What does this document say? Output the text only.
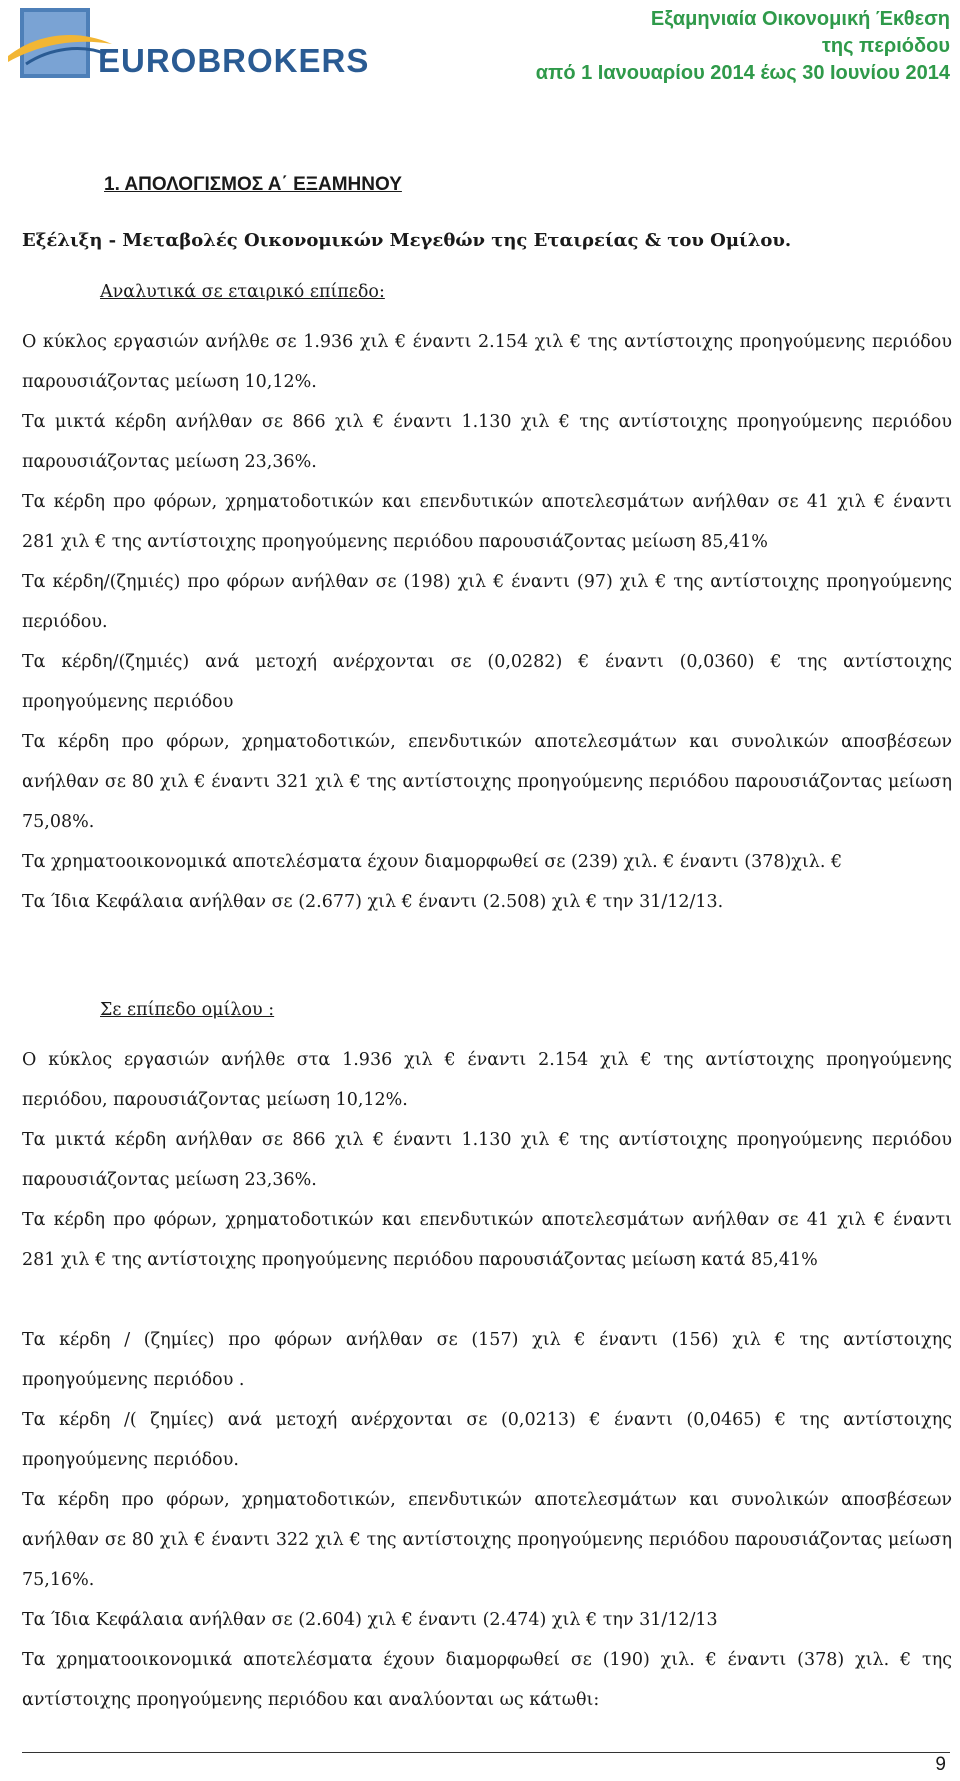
EUROBROKERS
Εξαμηνιαία Οικονομική Έκθεση
της περιόδου
από 1 Ιανουαρίου 2014 έως 30 Ιουνίου 2014
1. ΑΠΟΛΟΓΙΣΜΟΣ Α΄ ΕΞΑΜΗΝΟΥ
Εξέλιξη - Μεταβολές Οικονομικών Μεγεθών της Εταιρείας & του Ομίλου.
Αναλυτικά σε εταιρικό επίπεδο:

Ο κύκλος εργασιών ανήλθε σε 1.936 χιλ € έναντι 2.154 χιλ € της αντίστοιχης προηγούμενης περιόδου παρουσιάζοντας μείωση 10,12%.

Τα μικτά κέρδη ανήλθαν σε 866 χιλ € έναντι 1.130 χιλ € της αντίστοιχης προηγούμενης περιόδου παρουσιάζοντας μείωση 23,36%.

Τα κέρδη προ φόρων, χρηματοδοτικών και επενδυτικών αποτελεσμάτων ανήλθαν σε 41 χιλ € έναντι 281 χιλ € της αντίστοιχης προηγούμενης περιόδου παρουσιάζοντας μείωση 85,41%

Τα κέρδη/(ζημιές) προ φόρων ανήλθαν σε (198) χιλ € έναντι (97) χιλ € της αντίστοιχης προηγούμενης περιόδου.

Τα κέρδη/(ζημιές) ανά μετοχή ανέρχονται σε (0,0282) € έναντι (0,0360) € της αντίστοιχης προηγούμενης περιόδου

Τα κέρδη προ φόρων, χρηματοδοτικών, επενδυτικών αποτελεσμάτων και συνολικών αποσβέσεων ανήλθαν σε 80 χιλ € έναντι 321 χιλ € της αντίστοιχης προηγούμενης περιόδου παρουσιάζοντας μείωση 75,08%.

Τα χρηματοοικονομικά αποτελέσματα έχουν διαμορφωθεί σε (239) χιλ. € έναντι (378)χιλ. €

Τα Ίδια Κεφάλαια ανήλθαν σε (2.677) χιλ € έναντι (2.508) χιλ € την 31/12/13.

Σε επίπεδο ομίλου :

Ο κύκλος εργασιών ανήλθε στα 1.936 χιλ € έναντι 2.154 χιλ € της αντίστοιχης προηγούμενης περιόδου, παρουσιάζοντας μείωση 10,12%.

Τα μικτά κέρδη ανήλθαν σε 866 χιλ € έναντι 1.130 χιλ € της αντίστοιχης προηγούμενης περιόδου παρουσιάζοντας μείωση 23,36%.

Τα κέρδη προ φόρων, χρηματοδοτικών και επενδυτικών αποτελεσμάτων ανήλθαν σε 41 χιλ € έναντι 281 χιλ € της αντίστοιχης προηγούμενης περιόδου παρουσιάζοντας μείωση κατά 85,41%

Τα κέρδη / (ζημίες) προ φόρων ανήλθαν σε (157) χιλ € έναντι (156) χιλ € της αντίστοιχης προηγούμενης περιόδου .

Τα κέρδη /( ζημίες) ανά μετοχή ανέρχονται σε (0,0213) € έναντι (0,0465) € της αντίστοιχης προηγούμενης περιόδου.

Τα κέρδη προ φόρων, χρηματοδοτικών, επενδυτικών αποτελεσμάτων και συνολικών αποσβέσεων ανήλθαν σε 80 χιλ € έναντι 322 χιλ € της αντίστοιχης προηγούμενης περιόδου παρουσιάζοντας μείωση 75,16%.

Τα Ίδια Κεφάλαια ανήλθαν σε (2.604) χιλ € έναντι (2.474) χιλ € την 31/12/13

Τα χρηματοοικονομικά αποτελέσματα έχουν διαμορφωθεί σε (190) χιλ. € έναντι (378) χιλ. € της αντίστοιχης προηγούμενης περιόδου και αναλύονται ως κάτωθι:

9
